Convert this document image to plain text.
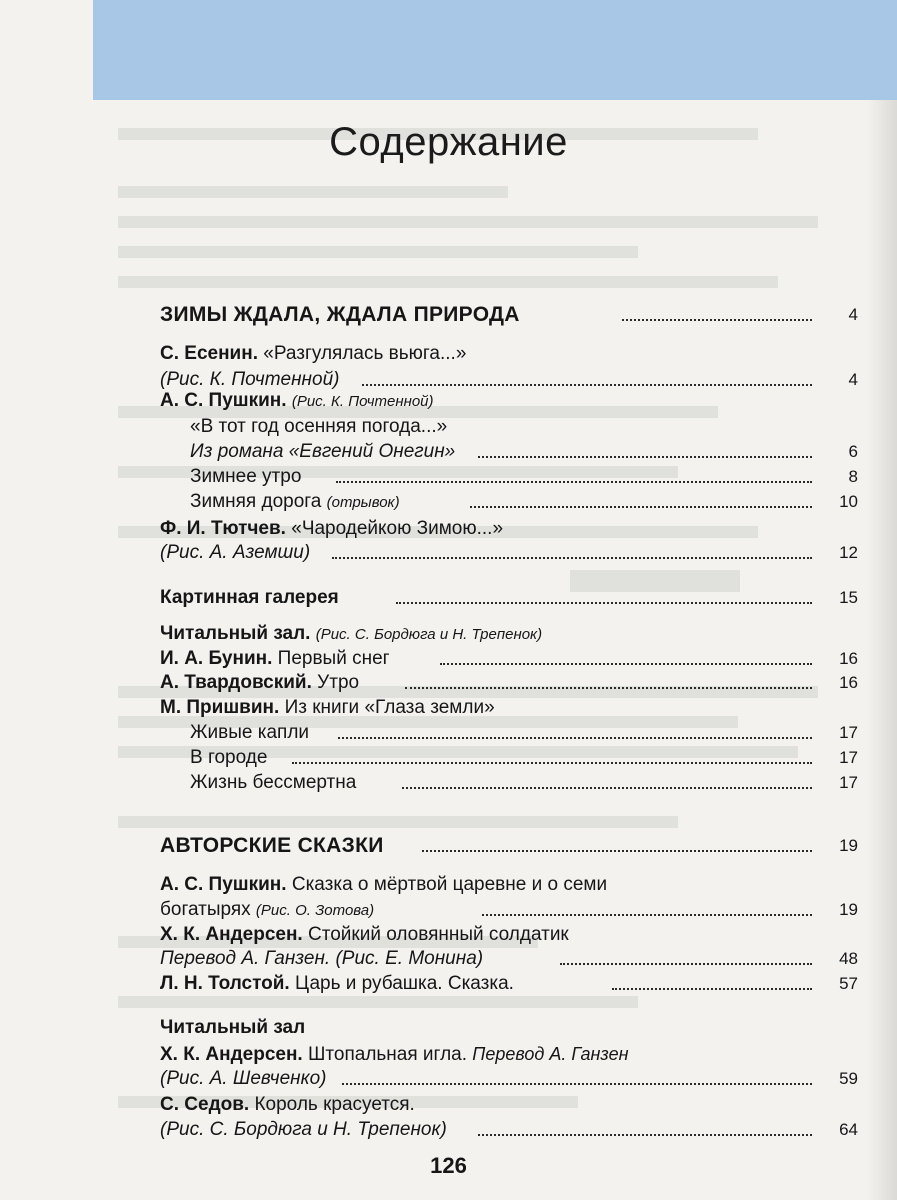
Содержание
ЗИМЫ ЖДАЛА, ЖДАЛА ПРИРОДА	4
С. Есенин. «Разгулялась вьюга...»
(Рис. К. Почтенной)	4
А. С. Пушкин. (Рис. К. Почтенной)
«В тот год осенняя погода...»
Из романа «Евгений Онегин»	6
Зимнее утро	8
Зимняя дорога (отрывок)	10
Ф. И. Тютчев. «Чародейкою Зимою...»
(Рис. А. Аземши)	12
Картинная галерея	15
Читальный зал. (Рис. С. Бордюга и Н. Трепенок)
И. А. Бунин. Первый снег	16
А. Твардовский. Утро	16
М. Пришвин. Из книги «Глаза земли»
Живые капли	17
В городе	17
Жизнь бессмертна	17
АВТОРСКИЕ СКАЗКИ	19
А. С. Пушкин. Сказка о мёртвой царевне и о семи
богатырях (Рис. О. Зотова)	19
Х. К. Андерсен. Стойкий оловянный солдатик
Перевод А. Ганзен. (Рис. Е. Монина)	48
Л. Н. Толстой. Царь и рубашка. Сказка.	57
Читальный зал
Х. К. Андерсен. Штопальная игла. Перевод А. Ганзен
(Рис. А. Шевченко)	59
С. Седов. Король красуется.
(Рис. С. Бордюга и Н. Трепенок)	64
126
